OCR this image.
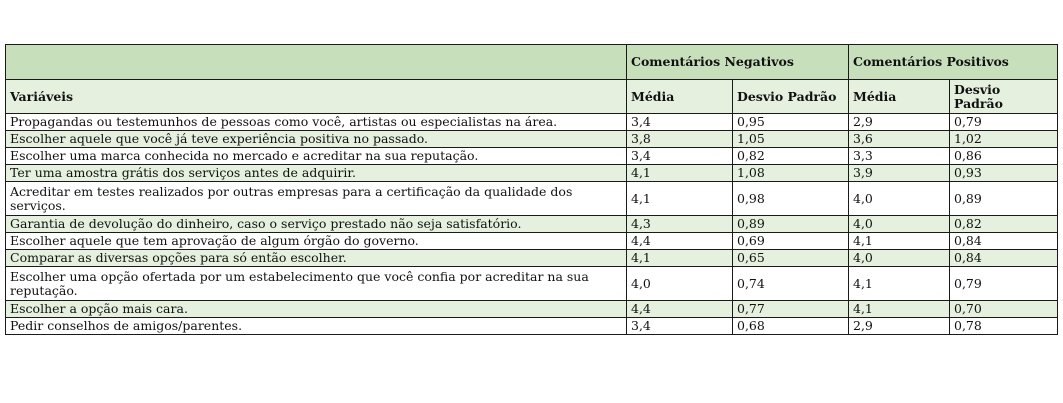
	Comentários Negativos		Comentários Positivos	
Variáveis	Média	Desvio Padrão	Média	Desvio Padrão
Propagandas ou testemunhos de pessoas como você, artistas ou especialistas na área.	3,4	0,95	2,9	0,79
Escolher aquele que você já teve experiência positiva no passado.	3,8	1,05	3,6	1,02
Escolher uma marca conhecida no mercado e acreditar na sua reputação.	3,4	0,82	3,3	0,86
Ter uma amostra grátis dos serviços antes de adquirir.	4,1	1,08	3,9	0,93
Acreditar em testes realizados por outras empresas para a certificação da qualidade dos serviços.	4,1	0,98	4,0	0,89
Garantia de devolução do dinheiro, caso o serviço prestado não seja satisfatório.	4,3	0,89	4,0	0,82
Escolher aquele que tem aprovação de algum órgão do governo.	4,4	0,69	4,1	0,84
Comparar as diversas opções para só então escolher.	4,1	0,65	4,0	0,84
Escolher uma opção ofertada por um estabelecimento que você confia por acreditar na sua reputação.	4,0	0,74	4,1	0,79
Escolher a opção mais cara.	4,4	0,77	4,1	0,70
Pedir conselhos de amigos/parentes.	3,4	0,68	2,9	0,78
